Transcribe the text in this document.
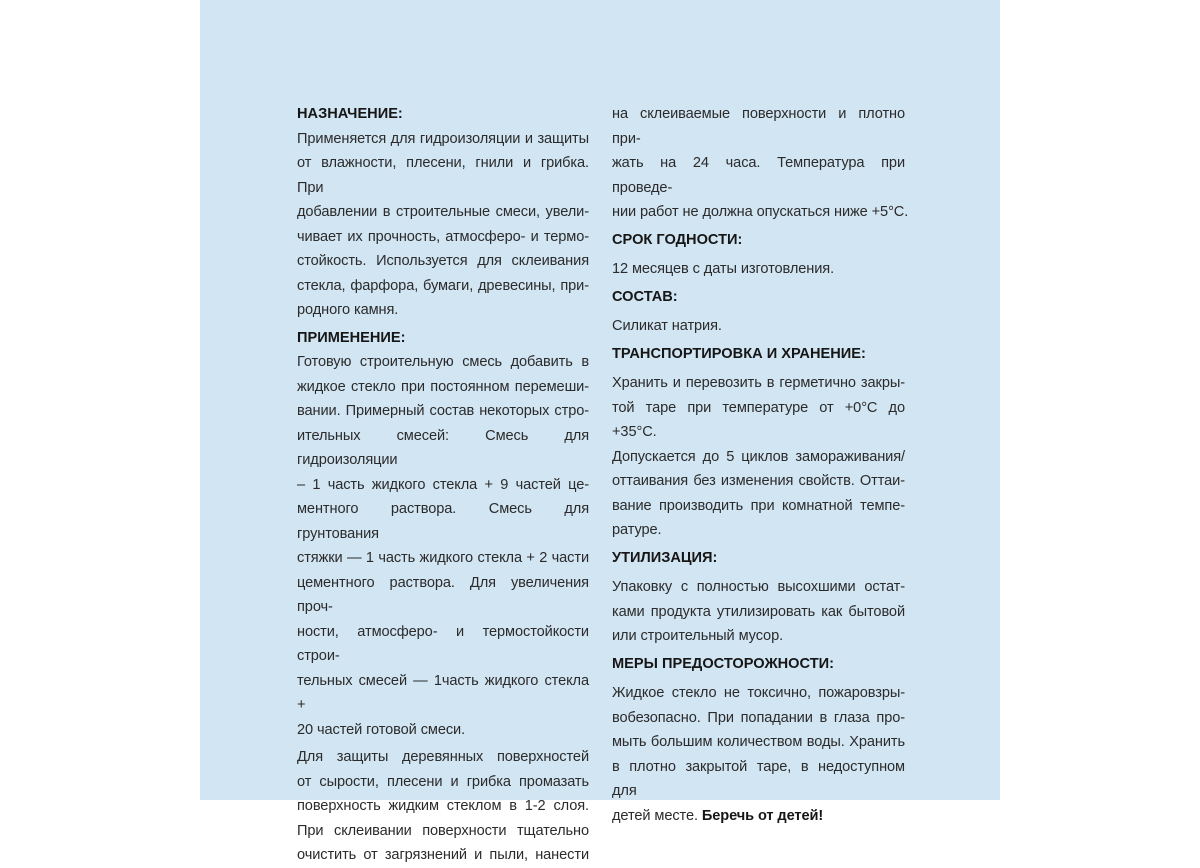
НАЗНАЧЕНИЕ:
Применяется для гидроизоляции и защиты
от влажности, плесени, гнили и грибка. При
добавлении в строительные смеси, увели-
чивает их прочность, атмосферо- и термо-
стойкость. Используется для склеивания
стекла, фарфора, бумаги, древесины, при-
родного камня.
ПРИМЕНЕНИЕ:
Готовую строительную смесь добавить в
жидкое стекло при постоянном перемеши-
вании. Примерный состав некоторых стро-
ительных смесей: Смесь для гидроизоляции
– 1 часть жидкого стекла + 9 частей це-
ментного раствора. Смесь для грунтования
стяжки — 1 часть жидкого стекла + 2 части
цементного раствора. Для увеличения проч-
ности, атмосферо- и термостойкости строи-
тельных смесей — 1часть жидкого стекла +
20 частей готовой смеси.
Для защиты деревянных поверхностей
от сырости, плесени и грибка промазать
поверхность жидким стеклом в 1-2 слоя.
При склеивании поверхности тщательно
очистить от загрязнений и пыли, нанести
на склеиваемые поверхности и плотно при-
жать на 24 часа. Температура при проведе-
нии работ не должна опускаться ниже +5°С.
СРОК ГОДНОСТИ:
12 месяцев с даты изготовления.
СОСТАВ:
Силикат натрия.
ТРАНСПОРТИРОВКА И ХРАНЕНИЕ:
Хранить и перевозить в герметично закры-
той таре при температуре от +0°С до +35°С.
Допускается до 5 циклов замораживания/
оттаивания без изменения свойств. Оттаи-
вание производить при комнатной темпе-
ратуре.
УТИЛИЗАЦИЯ:
Упаковку с полностью высохшими остат-
ками продукта утилизировать как бытовой
или строительный мусор.
МЕРЫ ПРЕДОСТОРОЖНОСТИ:
Жидкое стекло не токсично, пожаровзры-
вобезопасно. При попадании в глаза про-
мыть большим количеством воды. Хранить
в плотно закрытой таре, в недоступном для
детей месте. Беречь от детей!
